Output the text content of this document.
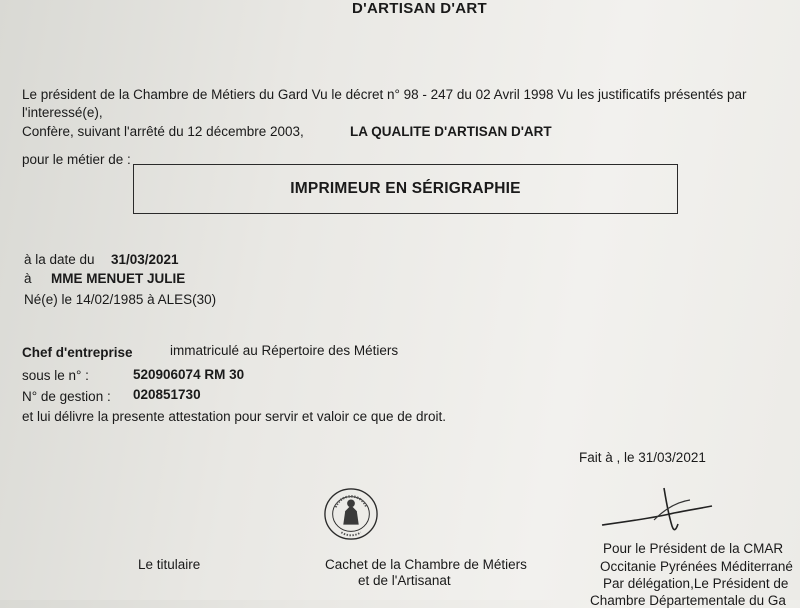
D'ARTISAN D'ART
Le président de la Chambre de Métiers du Gard Vu le décret n° 98 - 247 du 02 Avril 1998 Vu les justificatifs présentés par
l'interessé(e),
Confère, suivant l'arrêté du 12 décembre 2003,	LA QUALITE D'ARTISAN D'ART
pour le métier de :
IMPRIMEUR EN SÉRIGRAPHIE
à la date du 31/03/2021
à MME MENUET JULIE
Né(e) le 14/02/1985 à ALES(30)
Chef d'entreprise	immatriculé au Répertoire des Métiers
sous le n° :	520906074 RM 30
N° de gestion : 020851730
et lui délivre la presente attestation pour servir et valoir ce que de droit.
Fait à , le 31/03/2021
Le titulaire	Cachet de la Chambre de Métiers
et de l'Artisanat
Pour le Président de la CMAR
Occitanie Pyrénées Méditerrané
Par délégation,Le Président de
Chambre Départementale du Ga
